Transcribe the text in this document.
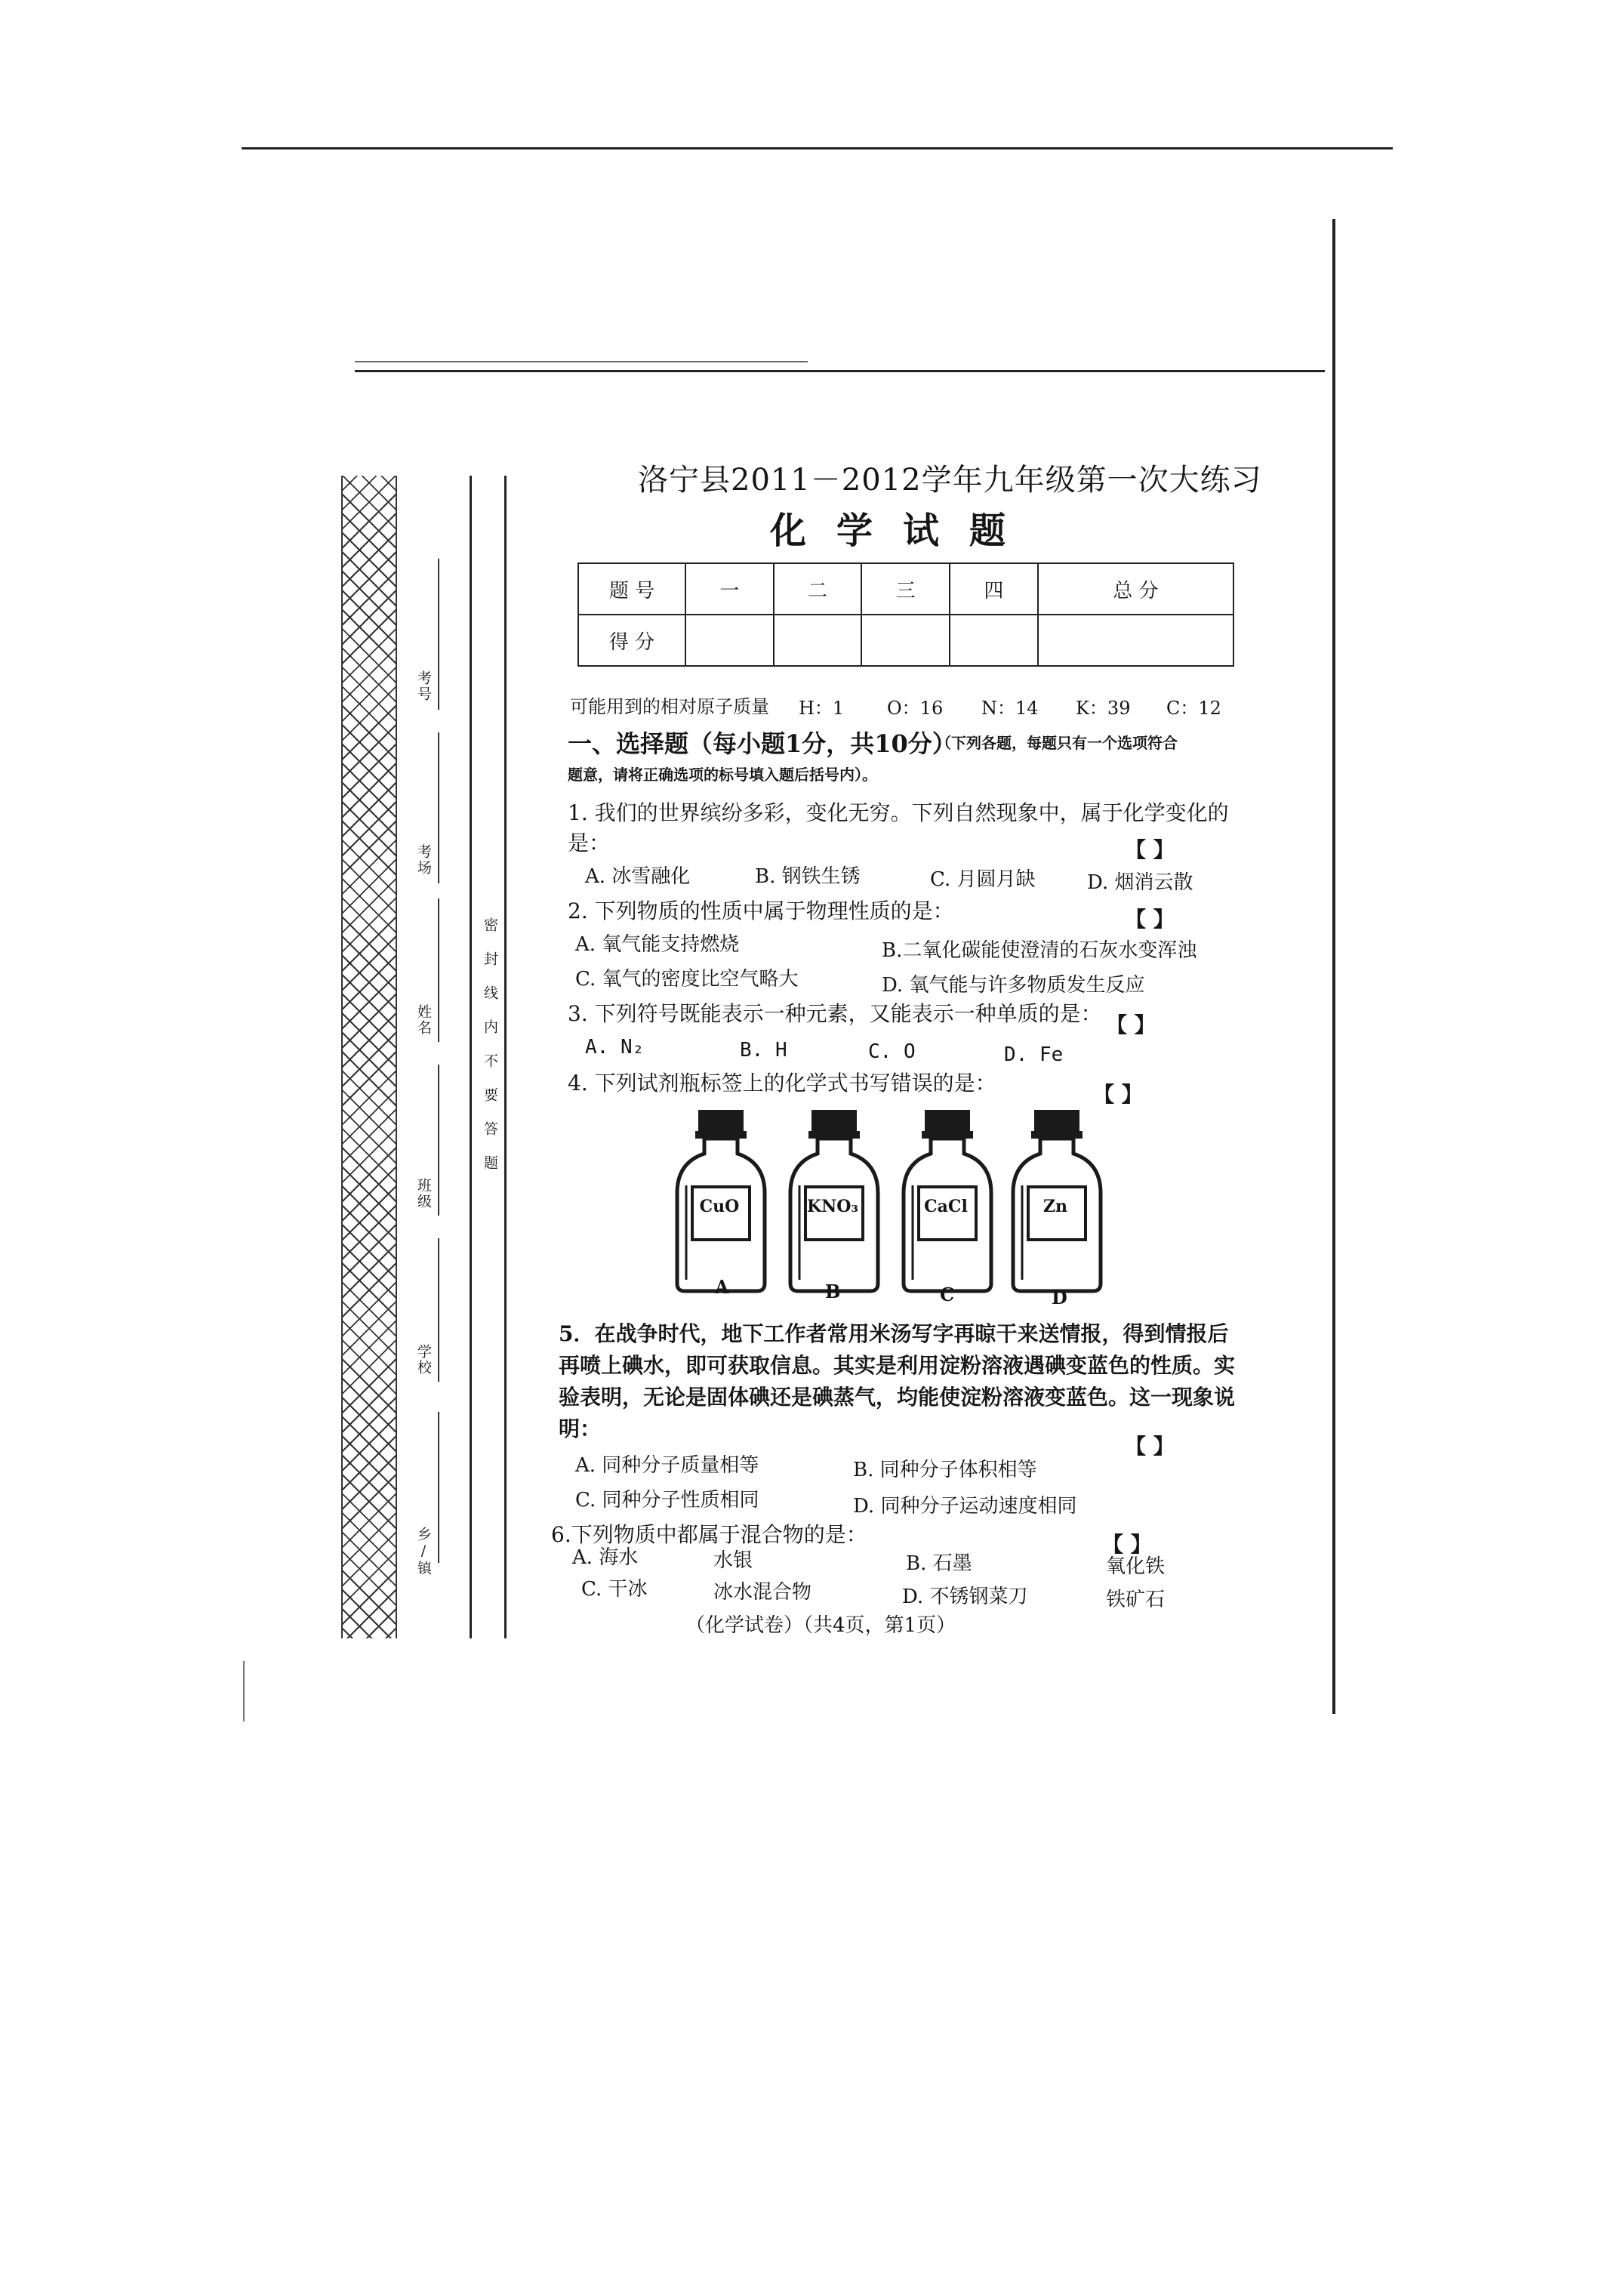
考号
考场
姓名
班级
学校
乡/镇
密封线内不要答题
洛宁县2011－2012学年九年级第一次大练习
化学试题
题 号	一	二	三	四	总 分
得 分					
可能用到的相对原子质量 H：1 O：16 N：14 K：39 C：12
一、选择题（每小题1分，共10分）
（下列各题，每题只有一个选项符合
题意，请将正确选项的标号填入题后括号内）。
1. 我们的世界缤纷多彩，变化无穷。下列自然现象中，属于化学变化的
是：	【 】
A. 冰雪融化	B. 钢铁生锈	C. 月圆月缺	D. 烟消云散
2. 下列物质的性质中属于物理性质的是：	【 】
A. 氧气能支持燃烧	B.二氧化碳能使澄清的石灰水变浑浊
C. 氧气的密度比空气略大	D. 氧气能与许多物质发生反应
3. 下列符号既能表示一种元素，又能表示一种单质的是： 【 】
A. N₂	B. H	C. O	D. Fe
4. 下列试剂瓶标签上的化学式书写错误的是：	【 】
CuO	KNO₃	CaCl	Zn
A	B	C	D
5．在战争时代，地下工作者常用米汤写字再晾干来送情报，得到情报后
再喷上碘水，即可获取信息。其实是利用淀粉溶液遇碘变蓝色的性质。实
验表明，无论是固体碘还是碘蒸气，均能使淀粉溶液变蓝色。这一现象说
明：
【 】
A. 同种分子质量相等	B. 同种分子体积相等
C. 同种分子性质相同	D. 同种分子运动速度相同
6.下列物质中都属于混合物的是：	【 】
A. 海水	水银	B. 石墨	氧化铁
C. 干冰	冰水混合物	D. 不锈钢菜刀	铁矿石
（化学试卷）（共4页，第1页）
